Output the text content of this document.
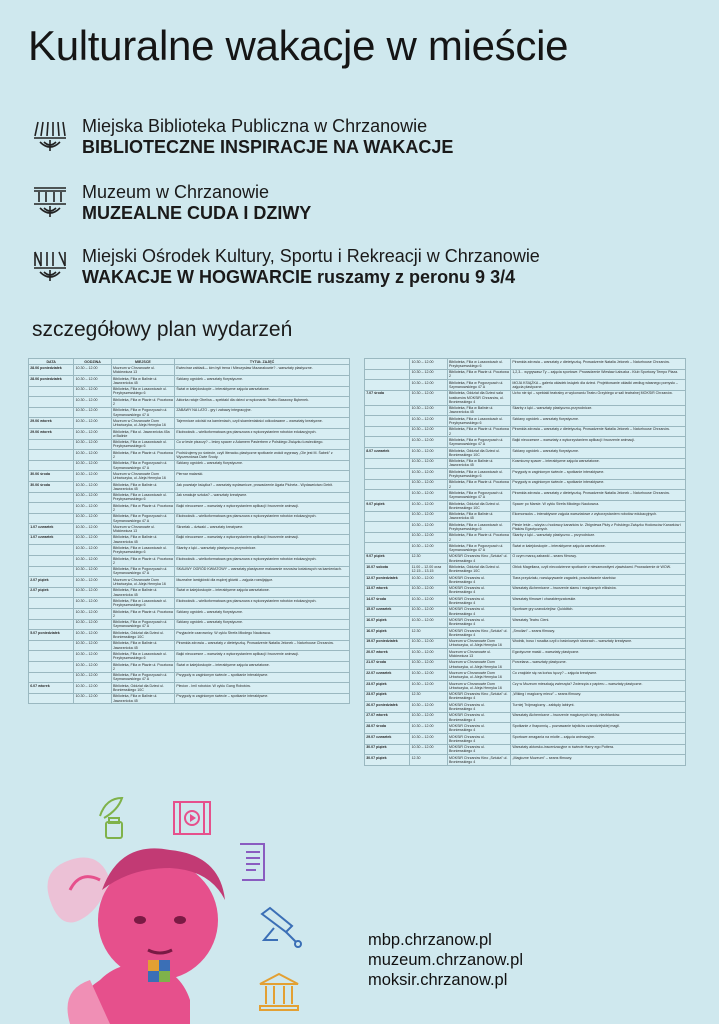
Kulturalne wakacje w mieście
Miejska Biblioteka Publiczna w Chrzanowie
BIBLIOTECZNE INSPIRACJE NA WAKACJE
Muzeum w Chrzanowie
MUZEALNE CUDA I DZIWY
Miejski Ośrodek Kultury, Sportu i Rekreacji w Chrzanowie
WAKACJE W HOGWARCIE ruszamy z peronu 9 3/4
szczegółowy plan wydarzeń
DATA	GODZINA	MIEJSCE	TYTUŁ ZAJĘĆ
28.06 poniedziałek	10.30 – 12.00	Muzeum w Chrzanowie ul. Mickiewicza 13	Ewiecinar zabladi— kim byli trena i Mieczysław Mazarakowie? - warsztaty plastyczne.
28.06 poniedziałek	10.30 – 12.00	Biblioteka, Filia w Balinie ul. Jaworznicka 45	Szklany ogródek – warsztaty florystyczne.
	10.30 – 12.00	Biblioteka, Filia w Luszowicach ul. Przybyszewskiego 6	Świat w kalejdoskopie – interaktywne zajęcia warsztatowe.
	10.30 – 12.00	Biblioteka, Filia w Płazie ul. Pocztowa 2	Aktorka ratuje Obelixa – spektakl dla dzieci w wykonaniu Teatru Baszowy Bębenek.
	10.30 – 12.00	Biblioteka, Filia w Pogorzycach ul. Szymanowskiego 47 A	ZABAWY NA LATO - gry i zabawy integracyjne.
29.06 wtorek	10.30 – 12.00	Muzeum w Chrzanowie Dom Urbańczyka, ul. Aleja Henryka 16	Tajemnicze odciski na kamieniach, czyli skamieniałości odkodowane – warsztaty kreatywne.
29.06 wtorek	10.30 – 12.00	Biblioteka, Filia ul. Jaworznicka 45a w Balinie	Ekobooksik – wielkoformatowa gra planszowa z wykorzystaniem robotów edukacyjnych.
	10.30 – 12.00	Biblioteka, Filia w Luszowicach ul. Przybyszewskiego 6	Co w lesie piszczy? – leśny spacer z Adamem Pasierbem z Polskiego Związku Łowieckiego.
	10.30 – 12.00	Biblioteka, Filia w Płazie ul. Pocztowa 2	Podróżujemy po świecie, czyli literacko-plastyczne spotkanie wokół wyprawy „Ole jest M. Śabek” z Wyczesniowa Dwie Środy.
	10.30 – 12.00	Biblioteka, Filia w Pogorzycach ul. Szymanowskiego 47 A	Szklany ogródek – warsztaty florystyczne.
30.06 środa	10.30 – 12.00	Muzeum w Chrzanowie Dom Urbańczyka, ul. Aleja Henryka 16	Piernar malarski.
30.06 środa	10.30 – 12.00	Biblioteka, Filia w Balinie ul. Jaworznicka 45	Jak powstaje książka? – warsztaty wydawnicze, prowadzenie Agata Pluheta - Wydawnictwo Debit.
	10.30 – 12.00	Biblioteka, Filia w Luszowicach ul. Przybyszewskiego 6	Jak smakuje sztuka? – warsztaty kreatywne.
	10.30 – 12.00	Biblioteka, Filia w Płazie ul. Pocztowa 2	Bajki nieuczesne – warsztaty z wykorzystaniem aplikacji i tworzenie animacji.
	10.30 – 12.00	Biblioteka, Filia w Pogorzycach ul. Szymanowskiego 47 A	Ekobooksik – wielkoformatowa gra planszowa z wykorzystaniem robotów edukacyjnych.
1.07 czwartek	10.30 – 12.00	Muzeum w Chrzanowie ul. Mickiewicza 13	Skrzelak – dziwaki – warsztaty kreatywne.
1.07 czwartek	10.30 – 12.00	Biblioteka, Filia w Balinie ul. Jaworznicka 45	Bajki nieuczesne – warsztaty z wykorzystaniem aplikacji i tworzenie animacji.
	10.30 – 12.00	Biblioteka, Filia w Luszowicach ul. Przybyszewskiego 6	Skarby z łąki – warsztaty plastyczno-przyrodnicze.
	10.30 – 12.00	Biblioteka, Filia w Płazie ul. Pocztowa 2	Ekobooksik – wielkoformatowa gra planszowa z wykorzystaniem robotów edukacyjnych.
	10.30 – 12.00	Biblioteka, Filia w Pogorzycach ul. Szymanowskiego 47 A	SKAUWY OGRÓD KWIATOWY – warsztaty plastyczne malowanie wrzosów kwiatowych na kamieniach.
2.07 piątek	10.30 – 12.00	Muzeum w Chrzanowie Dom Urbańczyka, ul. Aleja Henryka 16	Muzealne lamiglówki dla mądrej główki – zajęcia rozwijające.
2.07 piątek	10.30 – 12.00	Biblioteka, Filia w Balinie ul. Jaworznicka 45	Świat w kalejdoskopie – interaktywne zajęcia warsztatowe.
	10.30 – 12.00	Biblioteka, Filia w Luszowicach ul. Przybyszewskiego 6	Ekobooksik – wielkoformatowa gra planszowa z wykorzystaniem robotów edukacyjnych.
	10.30 – 12.00	Biblioteka, Filia w Płazie ul. Pocztowa 2	Szklany ogródek – warsztaty florystyczne.
	10.30 – 12.00	Biblioteka, Filia w Pogorzycach ul. Szymanowskiego 47 A	Szklany ogródek – warsztaty florystyczne.
5.07 poniedziałek	10.30 – 12.00	Biblioteka, Oddział dla Dzieci ul. Broniewskiego 10C	Przyjaciele czarownicy. W cyklu Strefa Młodego Naukowca.
	10.30 – 12.00	Biblioteka, Filia w Balinie ul. Jaworznicka 45	Piramida zdrowia – warsztaty z dietetyczką. Prowadzenie Natalia Jelonek – Naturhouse Chrzanów.
	10.30 – 12.00	Biblioteka, Filia w Luszowicach ul. Przybyszewskiego 6	Bajki nieuczesne – warsztaty z wykorzystaniem aplikacji i tworzenie animacji.
	10.30 – 12.00	Biblioteka, Filia w Płazie ul. Pocztowa 2	Świat w kalejdoskopie – interaktywne zajęcia warsztatowe.
	10.30 – 12.00	Biblioteka, Filia w Pogorzycach ul. Szymanowskiego 47 A	Przygody w zaginionym świecie – spotkanie interaktywne.
6.07 wtorek	10.30 – 12.00	Biblioteka, Oddział dla Dzieci ul. Broniewskiego 10C	Plecion - Imil robotów. W cyklu Gang Robotów.
	10.30 – 12.00	Biblioteka, Filia w Balinie ul. Jaworznicka 45	Przygody w zaginionym świecie – spotkanie interaktywne.
	10.30 – 12.00	Biblioteka, Filia w Luszowicach ul. Przybyszewskiego 6	Piramida zdrowia – warsztaty z dietetyczką. Prowadzenie Natalia Jelonek – Naturhouse Chrzanów.
	10.30 – 12.00	Biblioteka, Filia w Płazie ul. Pocztowa 2	1,2,3... wygrywasz Ty – zajęcia sportowe. Prowadzenie Wiesław Łabuzka - Klub Sportowy Tempo Płaza.
	10.30 – 12.00	Biblioteka, Filia w Pogorzycach ul. Szymanowskiego 47 A	MOJA KSIĄŻKA – galeria okładek książek dla dzieci. Projektowanie okładki według własnego pomysłu – zajęcia plastyczne.
7.07 środa	10.30 – 12.00	Biblioteka, Oddział dla Dzieci sala kostiumów MOKSiR Chrzanów, ul. Broniewskiego 4	Ucho nie śpi – spektakl teatralny w wykonaniu Teatru Grzybiego w sali teatralnej MOKSiR Chrzanów.
	10.30 – 12.00	Biblioteka, Filia w Balinie ul. Jaworznicka 45	Skarby z łąki – warsztaty plastyczno-przyrodnicze.
	10.30 – 12.00	Biblioteka, Filia w Luszowicach ul. Przybyszewskiego 6	Szklany ogródek – warsztaty florystyczne.
	10.30 – 12.00	Biblioteka, Filia w Płazie ul. Pocztowa 2	Piramida zdrowia – warsztaty z dietetyczką. Prowadzenie Natalia Jelonek – Naturhouse Chrzanów.
	10.30 – 12.00	Biblioteka, Filia w Pogorzycach ul. Szymanowskiego 47 A	Bajki nieuczesne – warsztaty z wykorzystaniem aplikacji i tworzenie animacji.
8.07 czwartek	10.30 – 12.00	Biblioteka, Oddział dla Dzieci ul. Broniewskiego 10C	Szklany ogródek – warsztaty florystyczne.
	10.30 – 12.00	Biblioteka, Filia w Balinie ul. Jaworznicka 45	Kosmiczny spacer – interaktywne zajęcia warsztatowe.
	10.30 – 12.00	Biblioteka, Filia w Luszowicach ul. Przybyszewskiego 6	Przygody w zaginionym świecie – spotkanie interaktywne.
	10.30 – 12.00	Biblioteka, Filia w Płazie ul. Pocztowa 2	Przygody w zaginionym świecie – spotkanie interaktywne.
	10.30 – 12.00	Biblioteka, Filia w Pogorzycach ul. Szymanowskiego 47 A	Piramida zdrowia – warsztaty z dietetyczką. Prowadzenie Natalia Jelonek – Naturhouse Chrzanów.
9.07 piątek	10.30 – 12.00	Biblioteka, Oddział dla Dzieci ul. Broniewskiego 10C	Spacer po Marsie. W cyklu Strefa Młodego Naukowca.
	10.30 – 12.00	Biblioteka, Filia w Balinie ul. Jaworznicka 45	Ekomonsoks – interaktywne zajęcia warsztatowe z wykorzystaniem robotów edukacyjnych.
	10.30 – 12.00	Biblioteka, Filia w Luszowicach ul. Przybyszewskiego 6	Piesie leśle – wizyta u hodowcy kanarków tz. Zbigniewa Pluty z Polskiego Związku Hodowców Kanarków i Ptaków Egzotycznych.
	10.30 – 12.00	Biblioteka, Filia w Płazie ul. Pocztowa 2	Skarby z łąki – warsztaty plastyczno – przyrodnicze.
	10.30 – 12.00	Biblioteka, Filia w Pogorzycach ul. Szymanowskiego 47 A	Świat w kalejdoskopie – interaktywne zajęcia warsztatowe.
9.07 piątek	12.30	MOKSiR Chrzanów Kino „Sztuka” ul. Broniewskiego 4	O czym marzą zabawki – seans filmowy.
10.07 sobota	11.00 – 12.00 oraz 12.15 – 13.15	Biblioteka, Oddział dla Dzieci ul. Broniewskiego 10C	Oblok Magellana, czyli niecodzienne spotkanie z niesamowitymi zjawiskami. Prowadzenie dr WOW.
12.07 poniedziałek	10.30 – 12.00	MOKSiR Chrzanów ul. Broniewskiego 4	Tiara przydziału, rozwiązywanie zagadek, poszukiwanie skarbów.
13.07 wtorek	10.30 – 12.00	MOKSiR Chrzanów ul. Broniewskiego 4	Warsztaty Alchemiczne – tworzenie slamu i magicznych eliksirów.
14.07 środa	10.30 – 12.00	MOKSiR Chrzanów ul. Broniewskiego 4	Warsztaty filmowe i charakteryzatorskie.
15.07 czwartek	10.30 – 12.00	MOKSiR Chrzanów ul. Broniewskiego 4	Sportowe gry czarodziejów: Quidditch.
16.07 piątek	10.30 – 12.00	MOKSiR Chrzanów ul. Broniewskiego 4	Warsztaty Teatru Cieni.
16.07 piątek	12.30	MOKSiR Chrzanów Kino „Sztuka” ul. Broniewskiego 4	„Smolian” – seans filmowy.
19.07 poniedziałek	10.30 – 12.00	Muzeum w Chrzanowie Dom Urbańczyka, ul. Aleja Henryka 16	Wodnik, boso i rusałka czyli o baśniowych stworach – warsztaty kreatywne.
20.07 wtorek	10.30 – 12.00	Muzeum w Chrzanowie ul. Mickiewicza 13	Egzotyczne maski – warsztaty plastyczne.
21.07 środa	10.30 – 12.00	Muzeum w Chrzanowie Dom Urbańczyka, ul. Aleja Henryka 16	Porcelana – warsztaty plastyczne.
22.07 czwartek	10.30 – 12.00	Muzeum w Chrzanowie Dom Urbańczyka, ul. Aleja Henryka 16	Co znajdzie się na końcu tęczy? – zajęcia kreatywne.
23.07 piątek	10.30 – 12.00	Muzeum w Chrzanowie Dom Urbańczyka, ul. Aleja Henryka 16	Czy w Muzeum mieszkają zwierzęta? Zwierzęta z papieru – warsztaty plastyczne.
23.07 piątek	12.30	MOKSiR Chrzanów Kino „Sztuka” ul. Broniewskiego 4	„Wiking i magiczny miecz” – seans filmowy.
26.07 poniedziałek	10.30 – 12.00	MOKSiR Chrzanów ul. Broniewskiego 4	Turniej Trójmagiczny - zabłędy labirynt.
27.07 wtorek	10.30 – 12.00	MOKSiR Chrzanów ul. Broniewskiego 4	Warsztaty Alchemiczne – tworzenie magicznych lamp, niezbłanków.
28.07 środa	10.30 – 12.00	MOKSiR Chrzanów ul. Broniewskiego 4	Spotkanie z Ihaponnią – poznawanie tajników czarodziejskiej magii.
29.07 czwartek	10.30 – 12.00	MOKSiR Chrzanów ul. Broniewskiego 4	Sportowe zmagania na miotle – zajęcia animacyjne.
30.07 piątek	10.30 – 12.00	MOKSiR Chrzanów ul. Broniewskiego 4	Warsztaty aktorsko-inscenizacyjne w świecie Harry ego Pottera.
30.07 piątek	12.30	MOKSiR Chrzanów Kino „Sztuka” ul. Broniewskiego 4	„Magiczne Muzeum” – seans filmowy.
mbp.chrzanow.pl
muzeum.chrzanow.pl
moksir.chrzanow.pl
